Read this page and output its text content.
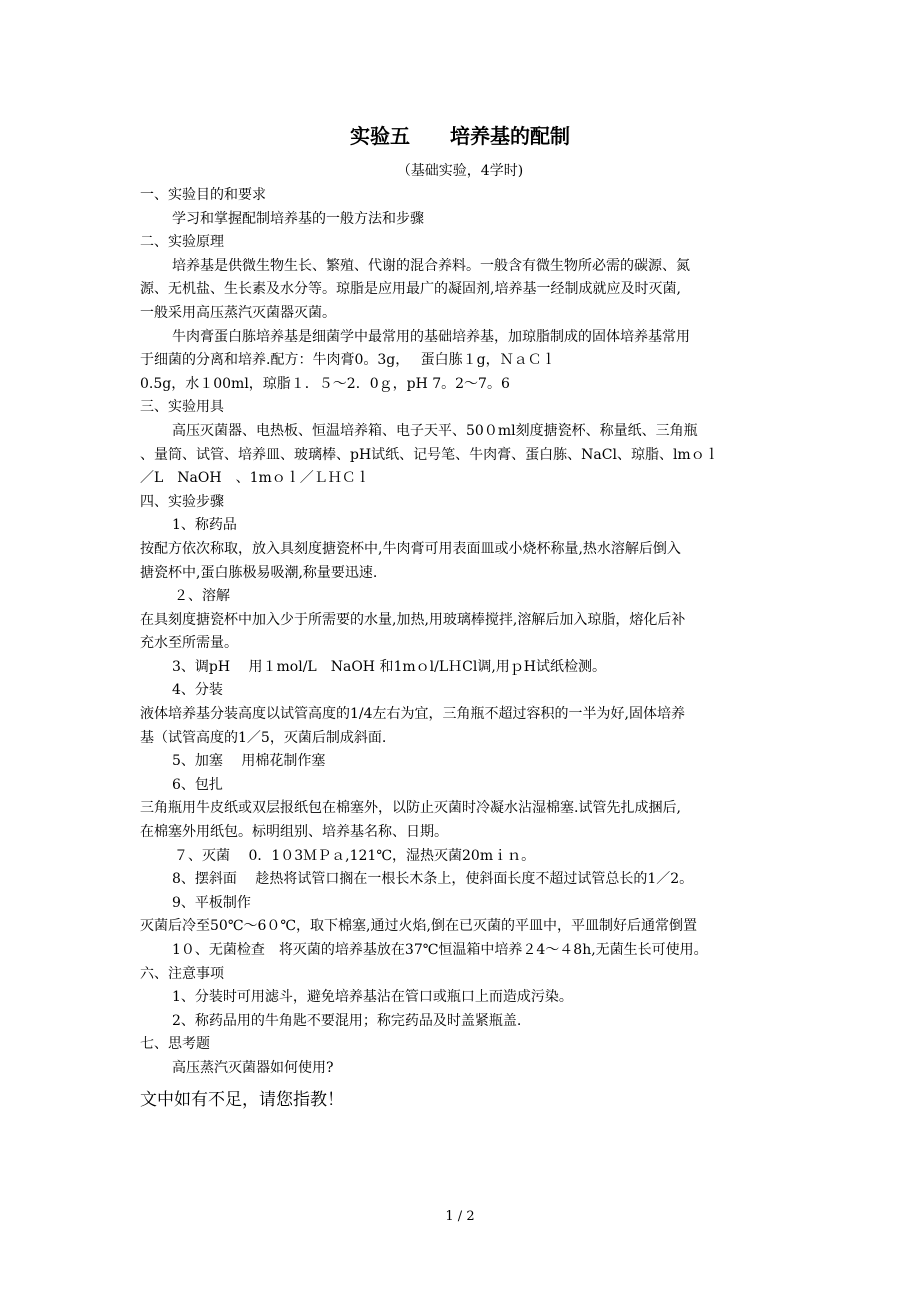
实验五　　培养基的配制
（基础实验，4学时)
一、实验目的和要求
学习和掌握配制培养基的一般方法和步骤
二、实验原理
培养基是供微生物生长、繁殖、代谢的混合养料。一般含有微生物所必需的碳源、氮
源、无机盐、生长素及水分等。琼脂是应用最广的凝固剂,培养基一经制成就应及时灭菌,
一般采用高压蒸汽灭菌器灭菌。
牛肉膏蛋白胨培养基是细菌学中最常用的基础培养基，加琼脂制成的固体培养基常用
于细菌的分离和培养.配方：牛肉膏0。3g，　 蛋白胨１g，ＮａＣｌ
0.5g，水１00ml，琼脂１．５～2．0ｇ，pH 7。2～7。6
三、实验用具
高压灭菌器、电热板、恒温培养箱、电子天平、50０ml刻度搪瓷杯、称量纸、三角瓶
、量筒、试管、培养皿、玻璃棒、pH试纸、记号笔、牛肉膏、蛋白胨、NaCl、琼脂、lmｏｌ
／L　NaOH　、1mｏｌ／ＬＨＣｌ
四、实验步骤
1、称药品
按配方依次称取，放入具刻度搪瓷杯中,牛肉膏可用表面皿或小烧杯称量,热水溶解后倒入
搪瓷杯中,蛋白胨极易吸潮,称量要迅速.
２、溶解
在具刻度搪瓷杯中加入少于所需要的水量,加热,用玻璃棒搅拌,溶解后加入琼脂，熔化后补
充水至所需量。
3、调pH　 用１mol/L　NaOH 和1mｏl/LＨCl调,用ｐH试纸检测。
4、分装
液体培养基分装高度以试管高度的1/4左右为宜，三角瓶不超过容积的一半为好,固体培养
基（试管高度的1／5，灭菌后制成斜面.
5、加塞　 用棉花制作塞
6、包扎
三角瓶用牛皮纸或双层报纸包在棉塞外，以防止灭菌时冷凝水沾湿棉塞.试管先扎成捆后,
在棉塞外用纸包。标明组别、培养基名称、日期。
７、灭菌　 0．1０3ＭＰａ,121℃，湿热灭菌20mｉｎ。
8、摆斜面　 趁热将试管口搁在一根长木条上，使斜面长度不超过试管总长的1／2。
9、平板制作
灭菌后冷至50℃～6０℃，取下棉塞,通过火焰,倒在已灭菌的平皿中，平皿制好后通常倒置
1０、无菌检查　将灭菌的培养基放在37℃恒温箱中培养２4～４8h,无菌生长可使用。
六、注意事项
1、分装时可用滤斗，避免培养基沾在管口或瓶口上而造成污染。
2、称药品用的牛角匙不要混用；称完药品及时盖紧瓶盖.
七、思考题
高压蒸汽灭菌器如何使用?
文中如有不足，请您指教！
1 / 2
